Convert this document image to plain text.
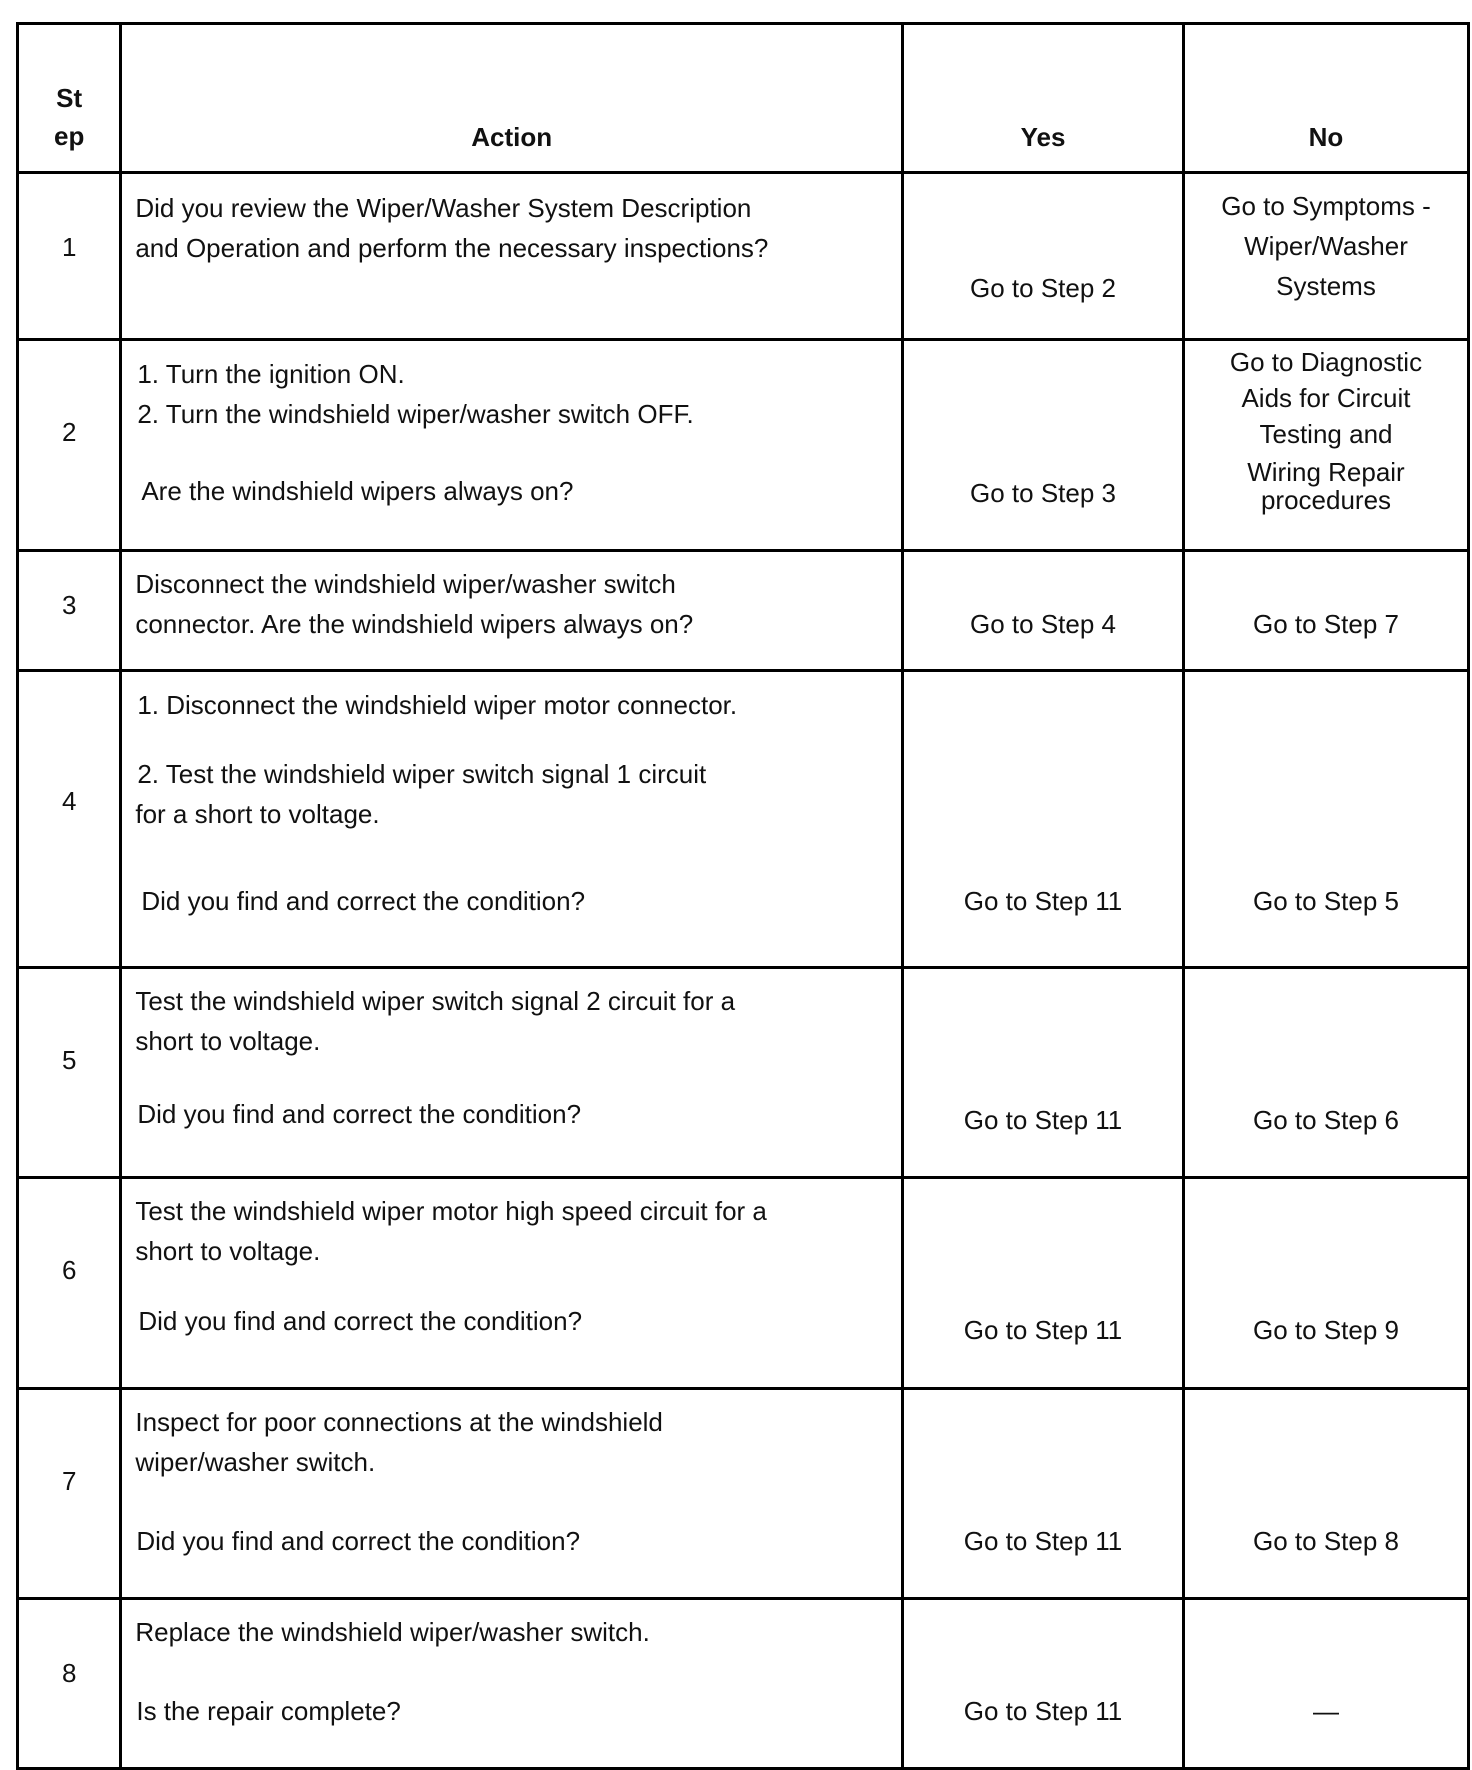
St
ep	Action	Yes	No

1	Did you review the Wiper/Washer System Description
and Operation and perform the necessary inspections?	Go to Step 2	Go to Symptoms -
Wiper/Washer
Systems

2	1. Turn the ignition ON.
2. Turn the windshield wiper/washer switch OFF.
Are the windshield wipers always on?	Go to Step 3	Go to Diagnostic
Aids for Circuit
Testing and
Wiring Repair
procedures

3	Disconnect the windshield wiper/washer switch
connector. Are the windshield wipers always on?	Go to Step 4	Go to Step 7

4	1. Disconnect the windshield wiper motor connector.
2. Test the windshield wiper switch signal 1 circuit
for a short to voltage.
Did you find and correct the condition?	Go to Step 11	Go to Step 5

5	Test the windshield wiper switch signal 2 circuit for a
short to voltage.
Did you find and correct the condition?	Go to Step 11	Go to Step 6

6	Test the windshield wiper motor high speed circuit for a
short to voltage.
Did you find and correct the condition?	Go to Step 11	Go to Step 9

7	Inspect for poor connections at the windshield
wiper/washer switch.
Did you find and correct the condition?	Go to Step 11	Go to Step 8

8	Replace the windshield wiper/washer switch.
Is the repair complete?	Go to Step 11	—
